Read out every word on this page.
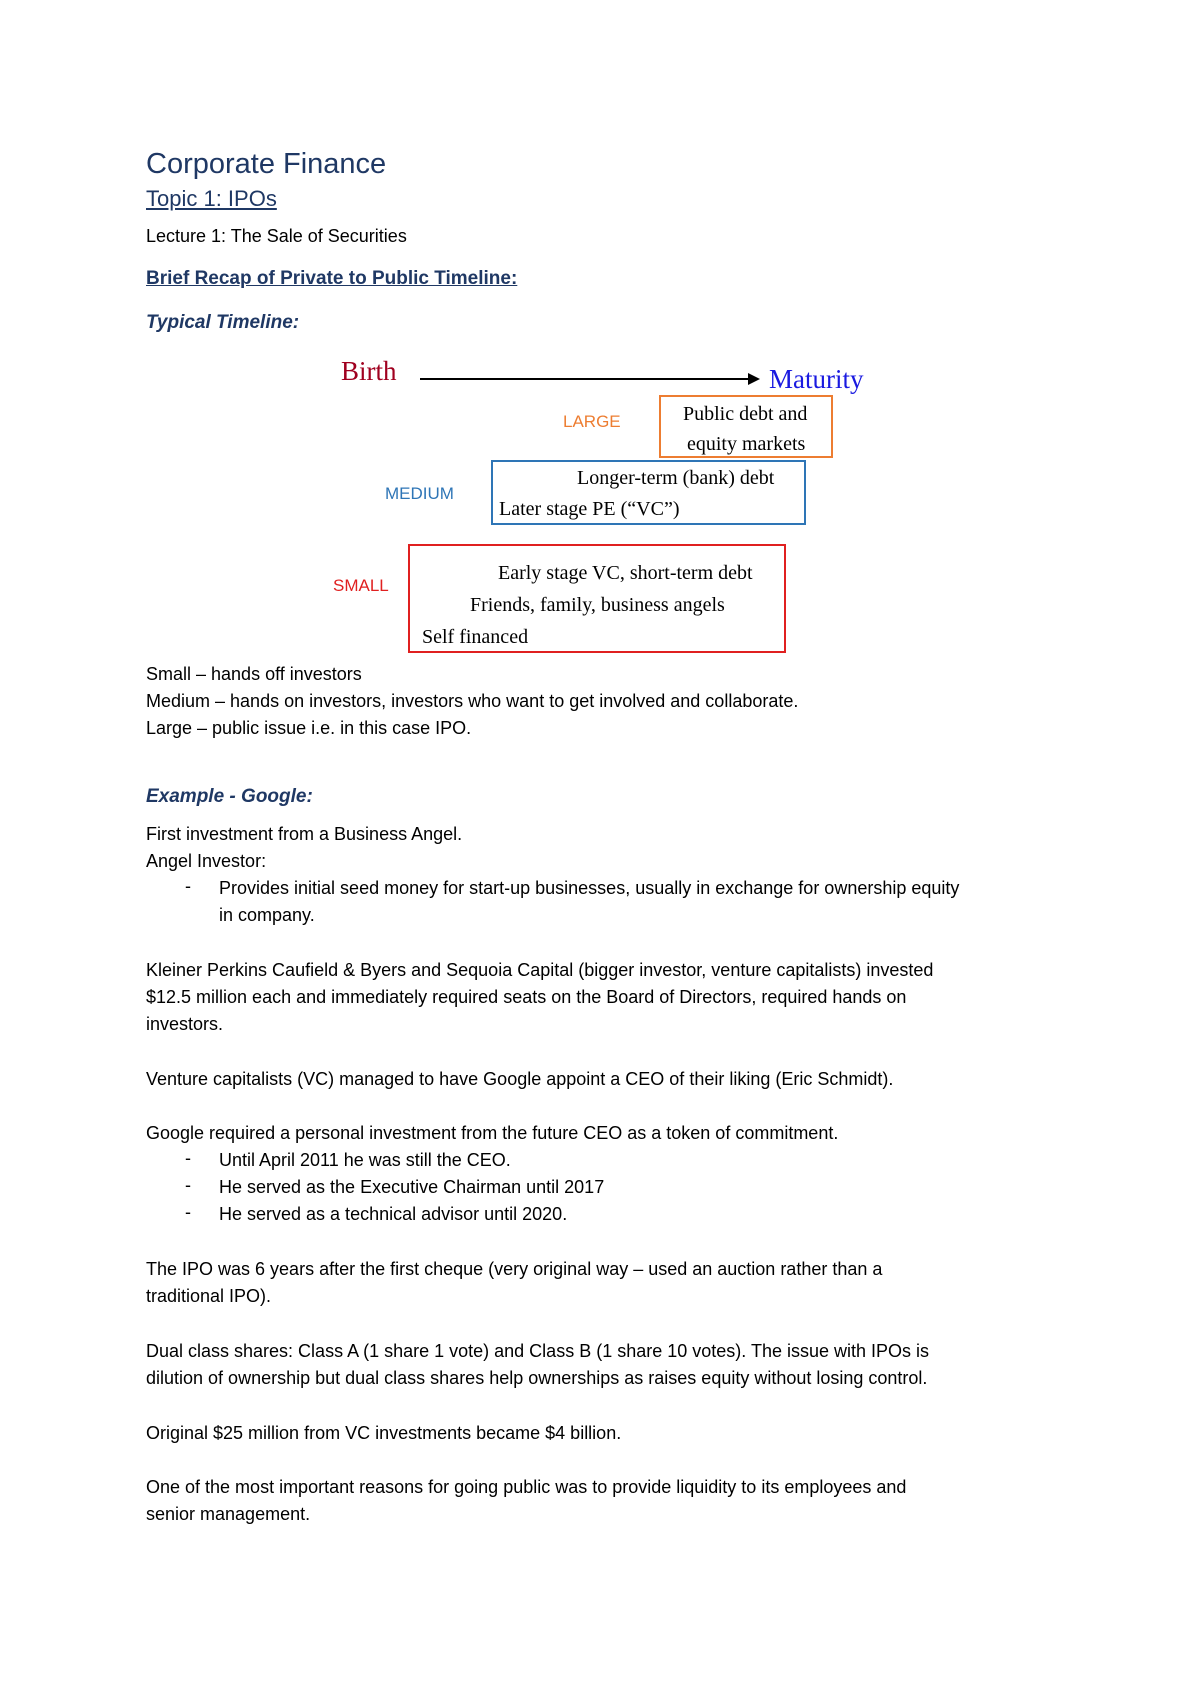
Corporate Finance
Topic 1: IPOs
Lecture 1: The Sale of Securities
Brief Recap of Private to Public Timeline:
Typical Timeline:
Birth	Maturity
LARGE
MEDIUM
SMALL
Public debt and
equity markets
Longer-term (bank) debt
Later stage PE (“VC”)
Early stage VC, short-term debt
Friends, family, business angels
Self financed
Small – hands off investors
Medium – hands on investors, investors who want to get involved and collaborate.
Large – public issue i.e. in this case IPO.
Example - Google:
First investment from a Business Angel.
Angel Investor:
- Provides initial seed money for start-up businesses, usually in exchange for ownership equity
in company.
Kleiner Perkins Caufield & Byers and Sequoia Capital (bigger investor, venture capitalists) invested
$12.5 million each and immediately required seats on the Board of Directors, required hands on
investors.
Venture capitalists (VC) managed to have Google appoint a CEO of their liking (Eric Schmidt).
Google required a personal investment from the future CEO as a token of commitment.
- Until April 2011 he was still the CEO.
- He served as the Executive Chairman until 2017
- He served as a technical advisor until 2020.
The IPO was 6 years after the first cheque (very original way – used an auction rather than a
traditional IPO).
Dual class shares: Class A (1 share 1 vote) and Class B (1 share 10 votes). The issue with IPOs is
dilution of ownership but dual class shares help ownerships as raises equity without losing control.
Original $25 million from VC investments became $4 billion.
One of the most important reasons for going public was to provide liquidity to its employees and
senior management.
